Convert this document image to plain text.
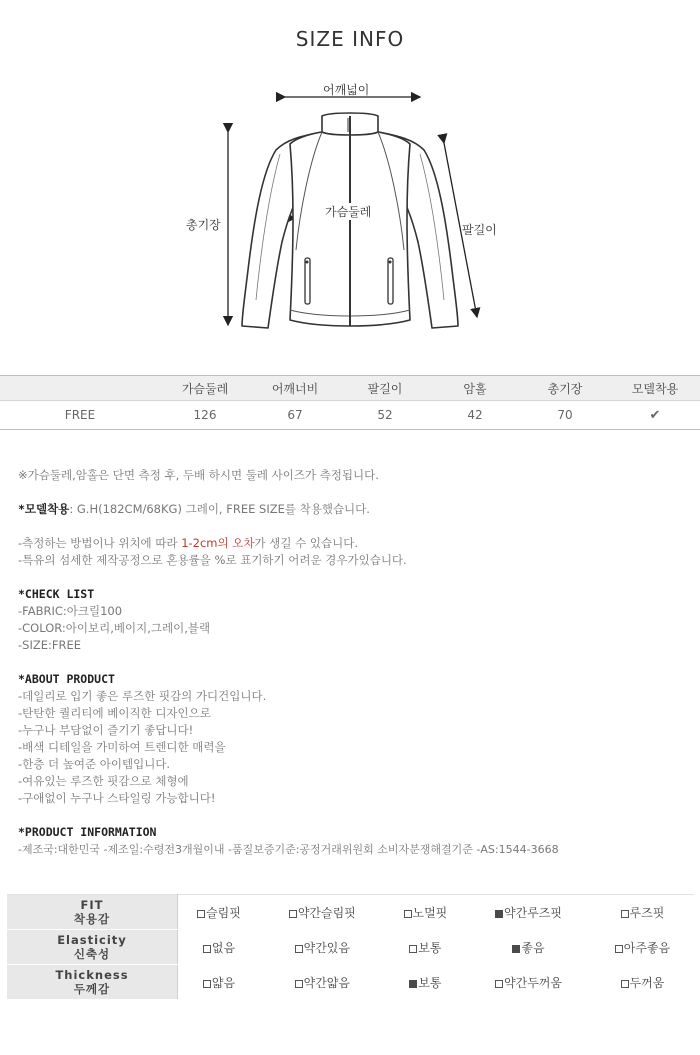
SIZE INFO
어깨넓이
총기장
가슴둘레
팔길이
	가슴둘레	어깨너비	팔길이	암홀	총기장	모델착용
FREE	126	67	52	42	70	✔
※가슴둘레,암홀은 단면 측정 후, 두배 하시면 둘레 사이즈가 측정됩니다.
*모델착용: G.H(182CM/68KG) 그레이, FREE SIZE를 착용했습니다.
-측정하는 방법이나 위치에 따라 1-2cm의 오차가 생길 수 있습니다.
-특유의 섬세한 제작공정으로 혼용률을 %로 표기하기 어려운 경우가있습니다.
*CHECK LIST
-FABRIC:아크릴100
-COLOR:아이보리,베이지,그레이,블랙
-SIZE:FREE
*ABOUT PRODUCT
-데일리로 입기 좋은 루즈한 핏감의 가디건입니다.
-탄탄한 퀄리티에 베이직한 디자인으로
-누구나 부담없이 즐기기 좋답니다!
-배색 디테일을 가미하여 트렌디한 매력을
-한층 더 높여준 아이템입니다.
-여유있는 루즈한 핏감으로 체형에
-구애없이 누구나 스타일링 가능합니다!
*PRODUCT INFORMATION
-제조국:대한민국 -제조일:수령전3개월이내 -품질보증기준:공정거래위원회 소비자분쟁해결기준 -AS:1544-3668
FIT
착용감	슬림핏	약간슬림핏	노멀핏	약간루즈핏	루즈핏

Elasticity
신축성	없음	약간있음	보통	좋음	아주좋음

Thickness
두께감	얇음	약간얇음	보통	약간두꺼움	두꺼움
